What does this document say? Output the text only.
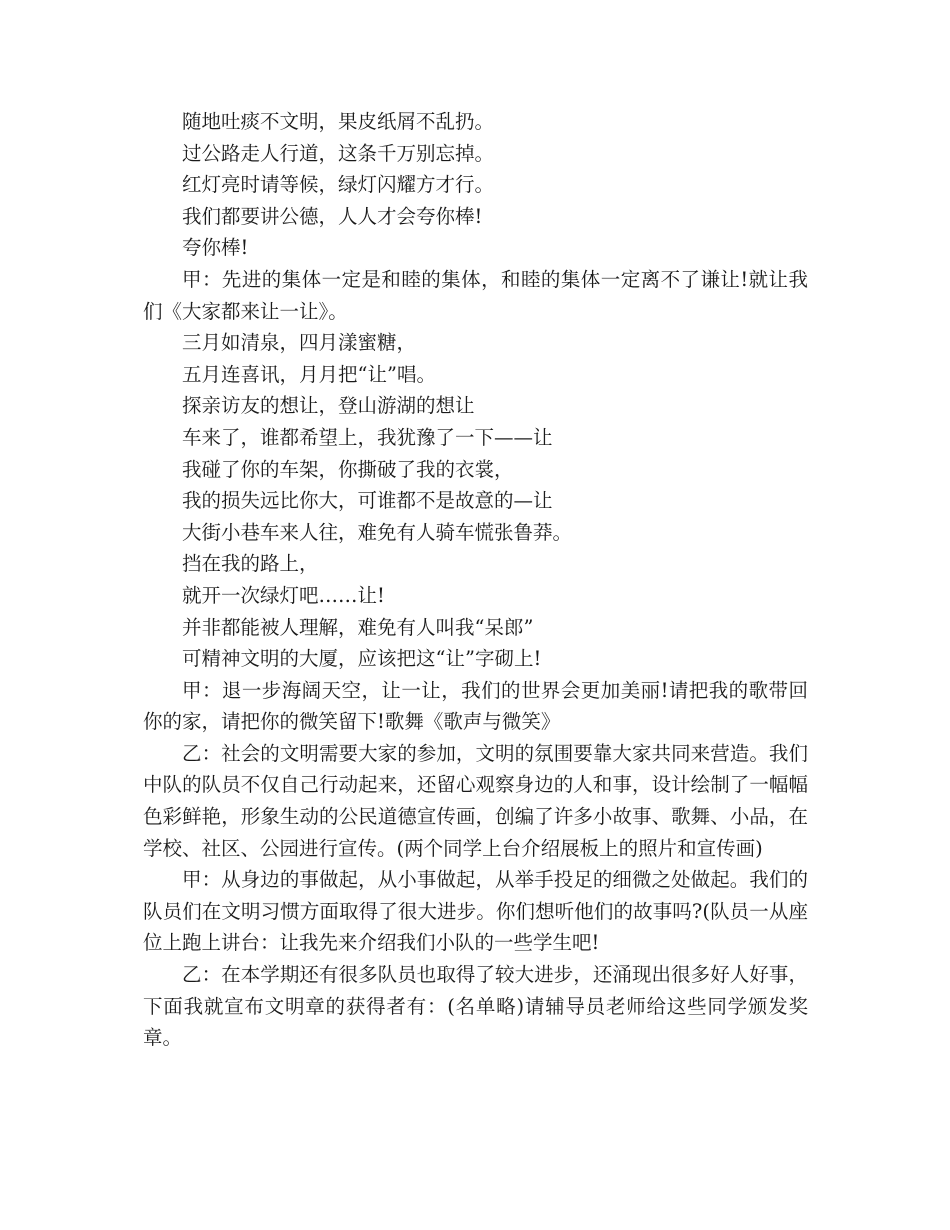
随地吐痰不文明，果皮纸屑不乱扔。

过公路走人行道，这条千万别忘掉。

红灯亮时请等候，绿灯闪耀方才行。

我们都要讲公德，人人才会夸你棒!

夸你棒!

甲：先进的集体一定是和睦的集体，和睦的集体一定离不了谦让!就让我们《大家都来让一让》。

三月如清泉，四月漾蜜糖，

五月连喜讯，月月把“让”唱。

探亲访友的想让，登山游湖的想让

车来了，谁都希望上，我犹豫了一下——让

我碰了你的车架，你撕破了我的衣裳，

我的损失远比你大，可谁都不是故意的—让

大街小巷车来人往，难免有人骑车慌张鲁莽。

挡在我的路上，

就开一次绿灯吧……让!

并非都能被人理解，难免有人叫我“呆郎”

可精神文明的大厦，应该把这“让”字砌上!

甲：退一步海阔天空，让一让，我们的世界会更加美丽!请把我的歌带回你的家，请把你的微笑留下!歌舞《歌声与微笑》

乙：社会的文明需要大家的参加，文明的氛围要靠大家共同来营造。我们中队的队员不仅自己行动起来，还留心观察身边的人和事，设计绘制了一幅幅色彩鲜艳，形象生动的公民道德宣传画，创编了许多小故事、歌舞、小品，在学校、社区、公园进行宣传。(两个同学上台介绍展板上的照片和宣传画)

甲：从身边的事做起，从小事做起，从举手投足的细微之处做起。我们的队员们在文明习惯方面取得了很大进步。你们想听他们的故事吗?(队员一从座位上跑上讲台：让我先来介绍我们小队的一些学生吧!

乙：在本学期还有很多队员也取得了较大进步，还涌现出很多好人好事，下面我就宣布文明章的获得者有：(名单略)请辅导员老师给这些同学颁发奖章。
